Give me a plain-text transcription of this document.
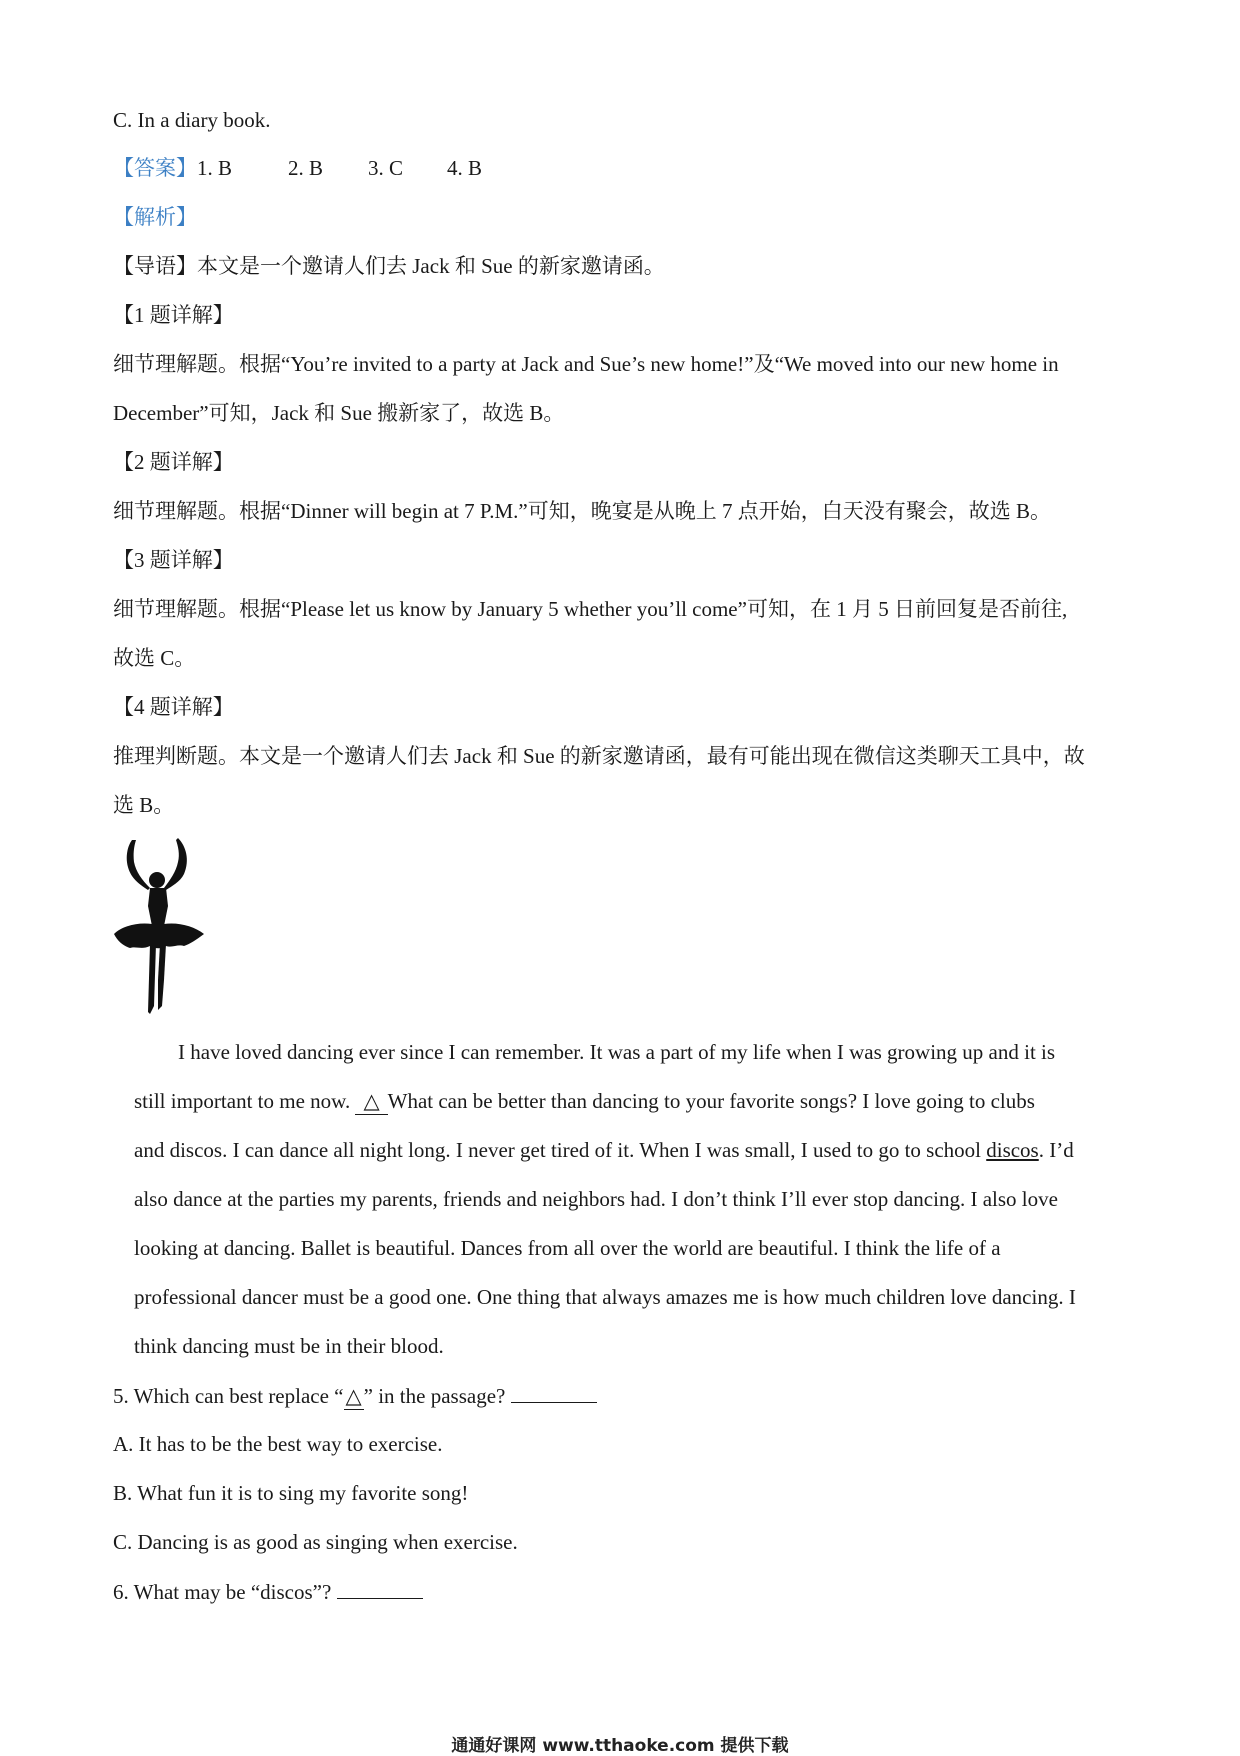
C. In a diary book.
【答案】1. B	2. B 3. C 4. B
【解析】
【导语】本文是一个邀请人们去 Jack 和 Sue 的新家邀请函。
【1 题详解】
细节理解题。根据“You’re invited to a party at Jack and Sue’s new home!”及“We moved into our new home in
December”可知，Jack 和 Sue 搬新家了，故选 B。
【2 题详解】
细节理解题。根据“Dinner will begin at 7 P.M.”可知，晚宴是从晚上 7 点开始，白天没有聚会，故选 B。
【3 题详解】
细节理解题。根据“Please let us know by January 5 whether you’ll come”可知，在 1 月 5 日前回复是否前往,
故选 C。
【4 题详解】
推理判断题。本文是一个邀请人们去 Jack 和 Sue 的新家邀请函，最有可能出现在微信这类聊天工具中，故
选 B。
I have loved dancing ever since I can remember. It was a part of my life when I was growing up and it is
still important to me now. △ What can be better than dancing to your favorite songs? I love going to clubs
and discos. I can dance all night long. I never get tired of it. When I was small, I used to go to school discos. I’d
also dance at the parties my parents, friends and neighbors had. I don’t think I’ll ever stop dancing. I also love
looking at dancing. Ballet is beautiful. Dances from all over the world are beautiful. I think the life of a
professional dancer must be a good one. One thing that always amazes me is how much children love dancing. I
think dancing must be in their blood.
5. Which can best replace “△” in the passage?
A. It has to be the best way to exercise.
B. What fun it is to sing my favorite song!
C. Dancing is as good as singing when exercise.
6. What may be “discos”?
通通好课网 www.tthaoke.com 提供下载
